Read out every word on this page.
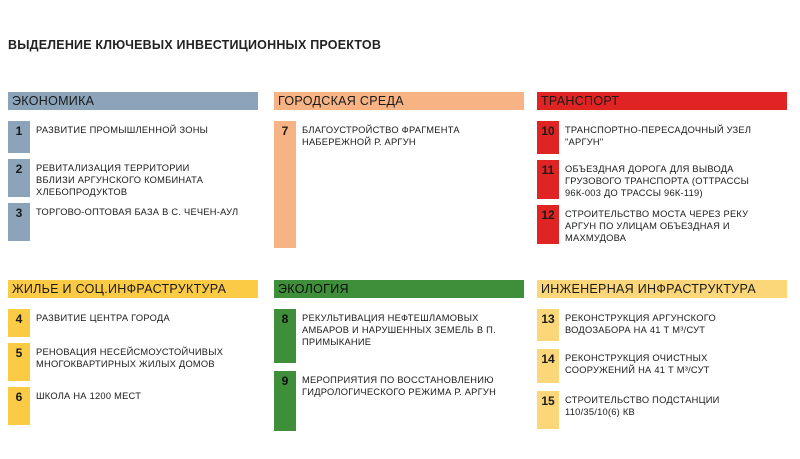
ВЫДЕЛЕНИЕ КЛЮЧЕВЫХ ИНВЕСТИЦИОННЫХ ПРОЕКТОВ
ЭКОНОМИКА
1	РАЗВИТИЕ ПРОМЫШЛЕННОЙ ЗОНЫ
2	РЕВИТАЛИЗАЦИЯ ТЕРРИТОРИИ ВБЛИЗИ АРГУНСКОГО КОМБИНАТА ХЛЕБОПРОДУКТОВ
3	ТОРГОВО-ОПТОВАЯ БАЗА В С. ЧЕЧЕН-АУЛ
ГОРОДСКАЯ СРЕДА
7	БЛАГОУСТРОЙСТВО ФРАГМЕНТА НАБЕРЕЖНОЙ Р. АРГУН
ТРАНСПОРТ
10	ТРАНСПОРТНО-ПЕРЕСАДОЧНЫЙ УЗЕЛ "АРГУН"
11	ОБЪЕЗДНАЯ ДОРОГА ДЛЯ ВЫВОДА ГРУЗОВОГО ТРАНСПОРТА (ОТТРАССЫ 96К-003 ДО ТРАССЫ 96К-119)
12	СТРОИТЕЛЬСТВО МОСТА ЧЕРЕЗ РЕКУ АРГУН ПО УЛИЦАМ ОБЪЕЗДНАЯ И МАХМУДОВА
ЖИЛЬЕ И СОЦ.ИНФРАСТРУКТУРА
4	РАЗВИТИЕ ЦЕНТРА ГОРОДА
5	РЕНОВАЦИЯ НЕСЕЙСМОУСТОЙЧИВЫХ МНОГОКВАРТИРНЫХ ЖИЛЫХ ДОМОВ
6	ШКОЛА НА 1200 МЕСТ
ЭКОЛОГИЯ
8	РЕКУЛЬТИВАЦИЯ НЕФТЕШЛАМОВЫХ АМБАРОВ И НАРУШЕННЫХ ЗЕМЕЛЬ В П. ПРИМЫКАНИЕ
9	МЕРОПРИЯТИЯ ПО ВОССТАНОВЛЕНИЮ ГИДРОЛОГИЧЕСКОГО РЕЖИМА Р. АРГУН
ИНЖЕНЕРНАЯ ИНФРАСТРУКТУРА
13	РЕКОНСТРУКЦИЯ АРГУНСКОГО ВОДОЗАБОРА НА 41 Т М³/СУТ
14	РЕКОНСТРУКЦИЯ ОЧИСТНЫХ СООРУЖЕНИЙ НА 41 Т М³/СУТ
15	СТРОИТЕЛЬСТВО ПОДСТАНЦИИ 110/35/10(6) КВ
